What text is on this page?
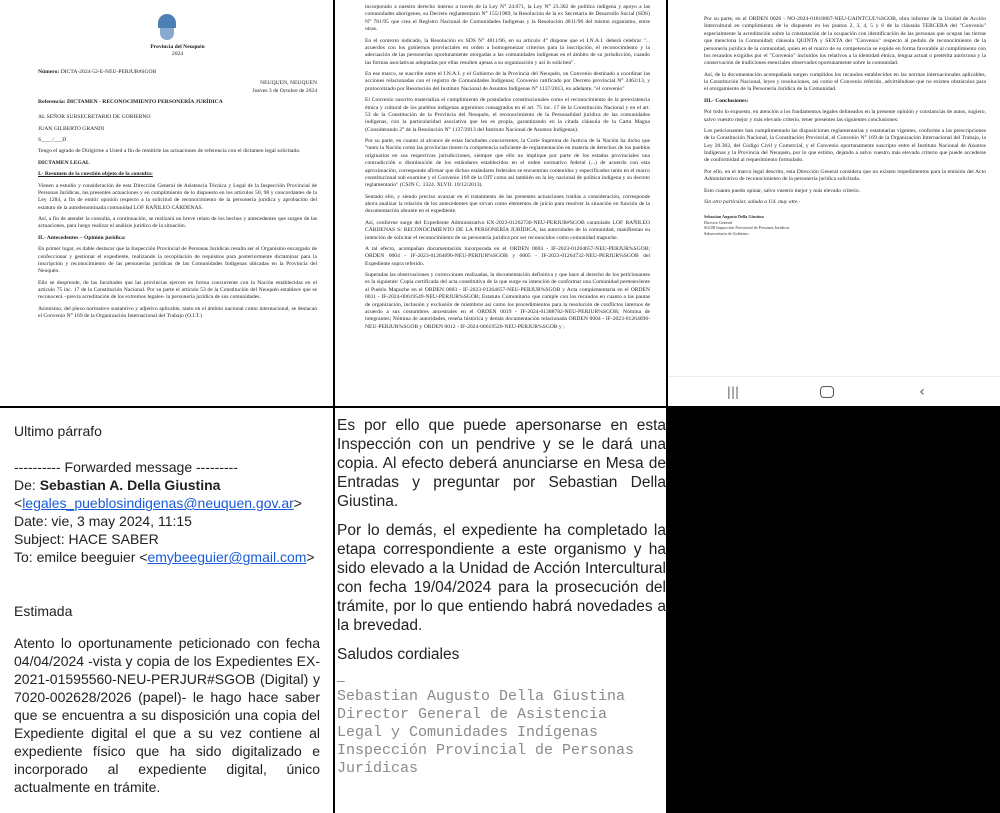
Provincia del Neuquén

2024

Número: DICTA-2024-52-E-NEU-PERJUR#SGOB

NEUQUEN, NEUQUEN

Jueves 3 de Octubre de 2024

Referencia: DICTAMEN - RECONOCIMIENTO PERSONERÍA JURÍDICA

AL SEÑOR SUBSECRETARIO DE GOBIERNO

JUAN GILBERTO GRANDI

S____/___D

Tengo el agrado de Dirigirme a Usted a fin de remitirle las actuaciones de referencia con el dictamen legal solicitado.

DICTAMEN LEGAL

I.- Resumen de la cuestión objeto de la consulta:

Vienen a estudio y consideración de esta Dirección General de Asistencia Técnica y Legal de la Inspección Provincial de Personas Jurídicas, las presentes actuaciones y en cumplimiento de lo dispuesto en los artículos 50, 98 y concordantes de la Ley 1284, a fin de emitir opinión respecto a la solicitud de reconocimiento de la personería jurídica y aprobación del estatuto de la autodenominada comunidad LOF RAÑILEO CÁRDENAS.

Así, a fin de atender la consulta, a continuación, se realizará un breve relato de los hechos y antecedentes que surgen de las actuaciones, para luego realizar el análisis jurídico de la situación.

II.- Antecedentes – Opinión jurídica:

En primer lugar, es dable destacar que la Inspección Provincial de Personas Jurídicas resulta ser el Organismo encargado de confeccionar y gestionar el expediente, realizando la recopilación de requisitos para posteriormente dictaminar para la inscripción y reconocimiento de las personerías jurídicas de las Comunidades Indígenas ubicadas en la Provincia del Neuquén.

Ello se desprende, de las facultades que las provincias ejercen en forma concurrente con la Nación establecidas en el artículo 75 inc. 17 de la Constitución Nacional. Por su parte el artículo 53 de la Constitución del Neuquén establece que se reconocerá –previa acreditación de los extremos legales- la personería jurídica de sus comunidades.

Asimismo, del plexo normativo sustantivo y adjetivo aplicable, tanto en el ámbito nacional como internacional, se destacan el Convenio N° 169 de la Organización Internacional del Trabajo (O.I.T.)

incorporado a nuestro derecho interno a través de la Ley N° 24.071, la Ley N° 23.302 de política indígena y apoyo a las comunidades aborígenes, su Decreto reglamentario N° 155/1989, la Resolución de la ex Secretaría de Desarrollo Social (SDS) N° 781/95 que crea el Registro Nacional de Comunidades Indígenas y la Resolución 4811/96 del mismo organismo, entre otras.

En el contexto indicado, la Resolución ex SDS N° 4811/96, en su artículo 4° dispone que el I.N.A.I. deberá celebrar "... acuerdos con los gobiernos provinciales en orden a homogeneizar criterios para la inscripción, el reconocimiento y la adecuación de las personerías oportunamente otorgadas a las comunidades indígenas en el ámbito de su jurisdicción, cuando las formas asociativas adoptadas por ellas resulten ajenas a su organización y así lo soliciten".

En ese marco, se suscribe entre el I.N.A.I. y el Gobierno de la Provincia del Neuquén, un Convenio destinado a coordinar las acciones relacionadas con el registro de Comunidades Indígenas; Convenio ratificado por Decreto provincial N° 2462/13, y protocolizado por Resolución del Instituto Nacional de Asuntos Indígenas N° 1137/2013, en adelante, "el convenio"

El Convenio suscrito materializa el cumplimiento de postulados constitucionales como el reconocimiento de la preexistencia étnica y cultural de los pueblos indígenas argentinos consagrados en el art. 75 inc. 17 de la Constitución Nacional y en el art. 53 de la Constitución de la Provincia del Neuquén, el reconocimiento de la Personalidad jurídica de las comunidades indígenas, con la particularidad asociativa que les es propia, garantizando en la citada cláusula de la Carta Magna (Considerando 2° de la Resolución N° 1137/2013 del Instituto Nacional de Asuntos Indígenas).

Por su parte, en cuanto al alcance de estas facultades concurrentes, la Corte Suprema de Justicia de la Nación ha dicho que "tanto la Nación como las provincias tienen la competencia suficiente de reglamentación en materia de derechos de los pueblos originarios en sus respectivas jurisdicciones, siempre que ello no implique por parte de los estados provinciales una contradicción o disminución de los estándares establecidos en el orden normativo federal (...) de acuerdo con esta aproximación, corresponde afirmar que dichos estándares federales se encuentran contenidos y especificados tanto en el marco constitucional sub examine y el Convenio 169 de la OIT como así también en la ley nacional de política indígena y su decreto reglamentario" (CSJN C. 1324. XLVII. 10/12/2013).

Sentado ello, y siendo preciso avanzar en el tratamiento de las presentes actuaciones traídas a consideración, corresponde ahora analizar la relación de los antecedentes que sirvan como elementos de juicio para resolver la situación en función de la documentación obrante en el expediente.

Así, conforme surge del Expediente Administrativo EX-2023-01262730-NEU-PERJUR#SGOB caratulado LOF RAÑILEO CÁRDENAS S/ RECONOCIMIENTO DE LA PERSONERÍA JURÍDICA, las autoridades de la comunidad, manifiestan su intención de solicitar el reconocimiento de su personería jurídica por ser reconocidos como comunidad mapuche.

A tal efecto, acompañan documentación incorporada en el ORDEN 0003 - IF-2023-01264657-NEU-PERJUR%SGOB; ORDEN 0004 - IF-2023-01264696-NEU-PERJUR%SGOB y 0005 - IF-2023-01264732-NEU-PERJUR%SGOB del Expediente supra referido.

Superadas las observaciones y correcciones realizadas, la documentación definitiva y que hace al derecho de los peticionantes es la siguiente: Copia certificada del acta constitutiva de la que surge su intención de conformar una Comunidad perteneciente al Pueblo Mapuche en el ORDEN 0003 - IF-2023-01264657-NEU-PERJUR%SGOB y Acta complementaria en el ORDEN 0011 - IF-2024-00619549-NEU-PERJUR%SGOB; Estatuto Comunitario que cumple con los recaudos en cuanto a las pautas de organización, inclusión y exclusión de miembros así como los procedimientos para la resolución de conflictos internos de acuerdo a sus costumbres ancestrales en el ORDEN 0019 - IF-2024-01388782-NEU-PERJUR%SGOB; Nómina de integrantes; Nómina de autoridades, reseña histórica y demás documentación relacionada ORDEN 0004 - IF-2023-01264696-NEU-PERJUR%SGOB y ORDEN 0012 - IF-2024-00619520-NEU-PERJUR%SGOB y ;

Por su parte, en el ORDEN 0026 - NO-2024-01810867-NEU-UAINTCUL%SGOB, obra informe de la Unidad de Acción Intercultural en cumplimiento de lo dispuesto en los puntos 2, 3, 4, 5 y 6 de la cláusula TERCERA del "Convenio" especialmente la acreditación sobre la constatación de la ocupación con identificación de las personas que ocupan las tierras que menciona la Comunidad; cláusula QUINTA y SEXTA del "Convenio" respecto al pedido de reconocimiento de la personería jurídica de la comunidad, quien en el marco de su competencia se expide en forma favorable al cumplimiento con los recaudos exigidos por el "Convenio" incluidos los relativos a la identidad étnica, lengua actual o pretérita autóctona y la conservación de tradiciones esenciales observados oportunamente sobre la comunidad.

Así, de la documentación acompañada surgen cumplidos los recaudos establecidos en las normas internacionales aplicables, la Constitución Nacional, leyes y resoluciones, así como el Convenio referido, advirtiéndose que no existen obstáculos para el otorgamiento de la Personería Jurídica de la Comunidad.

III.- Conclusiones:

Por todo lo expuesto, en atención a los fundamentos legales delineados en la presente opinión y constancias de autos, sugiero, salvo vuestro mejor y más elevado criterio, tener presentes las siguientes conclusiones:

Los peticionantes han cumplimentado las disposiciones reglamentarias y estatutarias vigentes, conforme a las prescripciones de la Constitución Nacional, la Constitución Provincial, el Convenio N° 169 de la Organización Internacional del Trabajo, la Ley 20.302, del Código Civil y Comercial, y el Convenio oportunamente suscripto entre el Instituto Nacional de Asuntos Indígenas y la Provincia del Neuquén, por lo que estimo, dejando a salvo vuestro más elevado criterio que puede accederse de conformidad al requerimiento formulado.

Por ello, en el marco legal descrito, esta Dirección General considera que no existen impedimentos para la emisión del Acto Administrativo de reconocimiento de la personería jurídica solicitada.

Esto cuanto puedo opinar, salvo vuestro mejor y más elevado criterio.

Sin otro particular, saluda a Ud. muy atte.-

Sebastian Augusto Della Giustina
Director General
SGOB Inspección Provincial de Personas Jurídicas
Subsecretaría de Gobierno
|||	‹
Ultimo párrafo
---------- Forwarded message ---------
De: Sebastian A. Della Giustina
<legales_pueblosindigenas@neuquen.gov.ar>
Date: vie, 3 may 2024, 11:15
Subject: HACE SABER
To: emilce beeguier <emybeeguier@gmail.com>
Estimada
Atento lo oportunamente peticionado con fecha 04/04/2024 -vista y copia de los Expedientes EX-2021-01595560-NEU-PERJUR#SGOB (Digital) y 7020-002628/2026 (papel)- le hago hace saber que se encuentra a su disposición una copia del Expediente digital el que a su vez contiene al expediente físico que ha sido digitalizado e incorporado al expediente digital, único actualmente en trámite.

Es por ello que puede apersonarse en esta Inspección con un pendrive y se le dará una copia. Al efecto deberá anunciarse en Mesa de Entradas y preguntar por Sebastian Della Giustina.

Por lo demás, el expediente ha completado la etapa correspondiente a este organismo y ha sido elevado a la Unidad de Acción Intercultural con fecha 19/04/2024 para la prosecución del trámite, por lo que entiendo habrá novedades a la brevedad.

Saludos cordiales

–
Sebastian Augusto Della Giustina
Director General de Asistencia
Legal y Comunidades Indígenas
Inspección Provincial de Personas
Jurídicas
